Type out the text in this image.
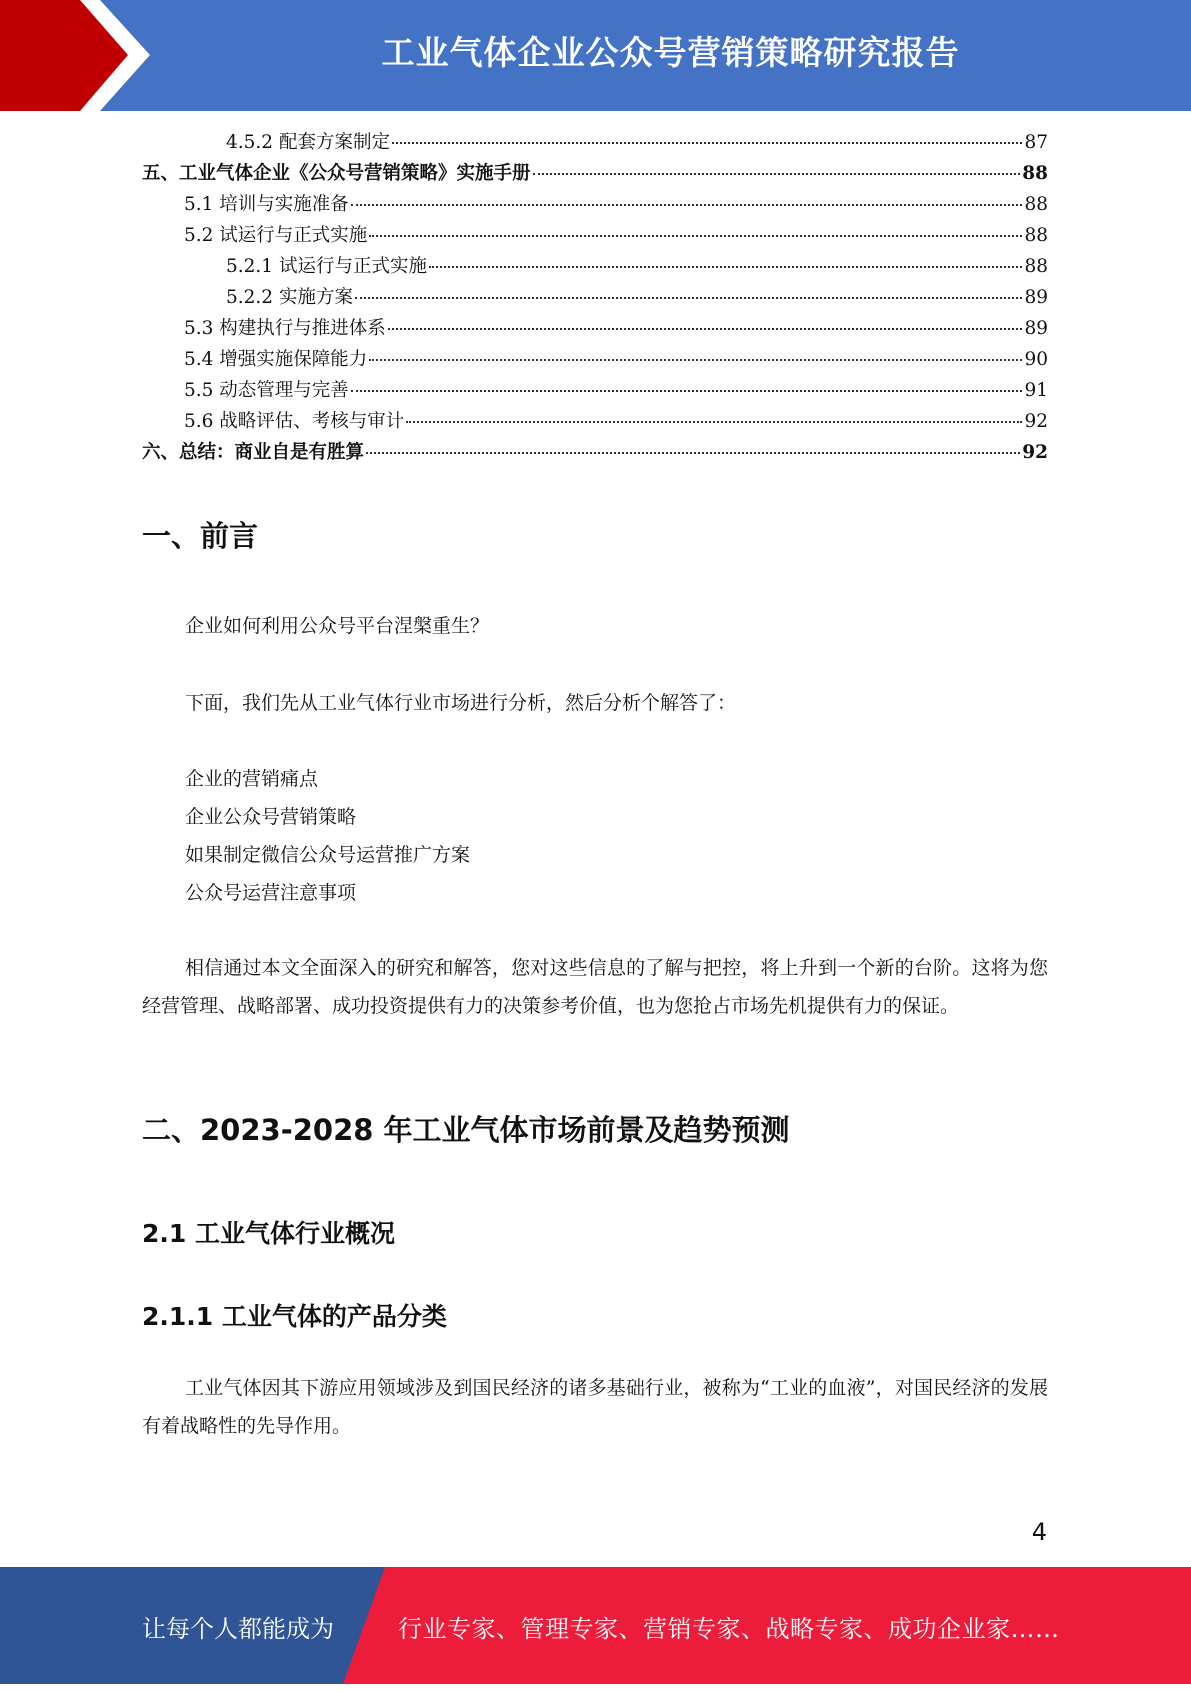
工业气体企业公众号营销策略研究报告
4.5.2 配套方案制定	87
五、工业气体企业《公众号营销策略》实施手册	88
5.1 培训与实施准备	88
5.2 试运行与正式实施	88
5.2.1 试运行与正式实施	88
5.2.2 实施方案	89
5.3 构建执行与推进体系	89
5.4 增强实施保障能力	90
5.5 动态管理与完善	91
5.6 战略评估、考核与审计	92
六、总结：商业自是有胜算	92
一、前言
企业如何利用公众号平台涅槃重生？
下面，我们先从工业气体行业市场进行分析，然后分析个解答了：
企业的营销痛点
企业公众号营销策略
如果制定微信公众号运营推广方案
公众号运营注意事项
相信通过本文全面深入的研究和解答，您对这些信息的了解与把控，将上升到一个新的台阶。这将为您经营管理、战略部署、成功投资提供有力的决策参考价值，也为您抢占市场先机提供有力的保证。
二、2023-2028 年工业气体市场前景及趋势预测
2.1 工业气体行业概况
2.1.1 工业气体的产品分类
工业气体因其下游应用领域涉及到国民经济的诸多基础行业，被称为“工业的血液”，对国民经济的发展有着战略性的先导作用。
4
让每个人都能成为	行业专家、管理专家、营销专家、战略专家、成功企业家……
